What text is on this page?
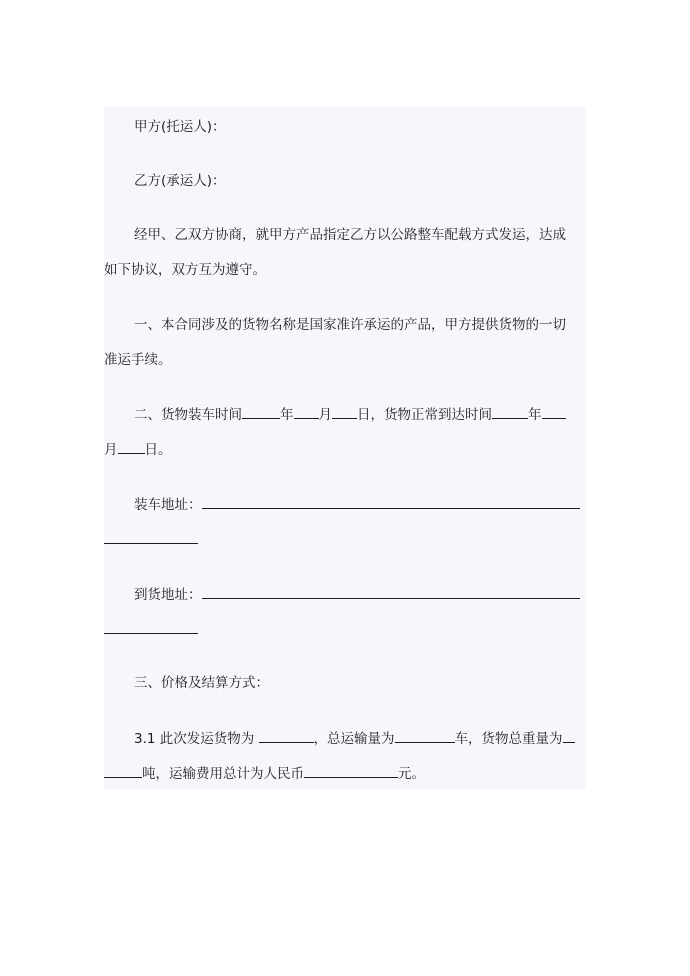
甲方(托运人)：
乙方(承运人)：
经甲、乙双方协商，就甲方产品指定乙方以公路整车配载方式发运，达成
如下协议，双方互为遵守。
一、本合同涉及的货物名称是国家准许承运的产品，甲方提供货物的一切
准运手续。
二、货物装车时间	年 月 日，货物正常到达时间	年
月 日。
装车地址：
到货地址：
三、价格及结算方式：
3.1 此次发运货物为	，总运输量为	车，货物总重量为
吨，运输费用总计为人民币	元。
